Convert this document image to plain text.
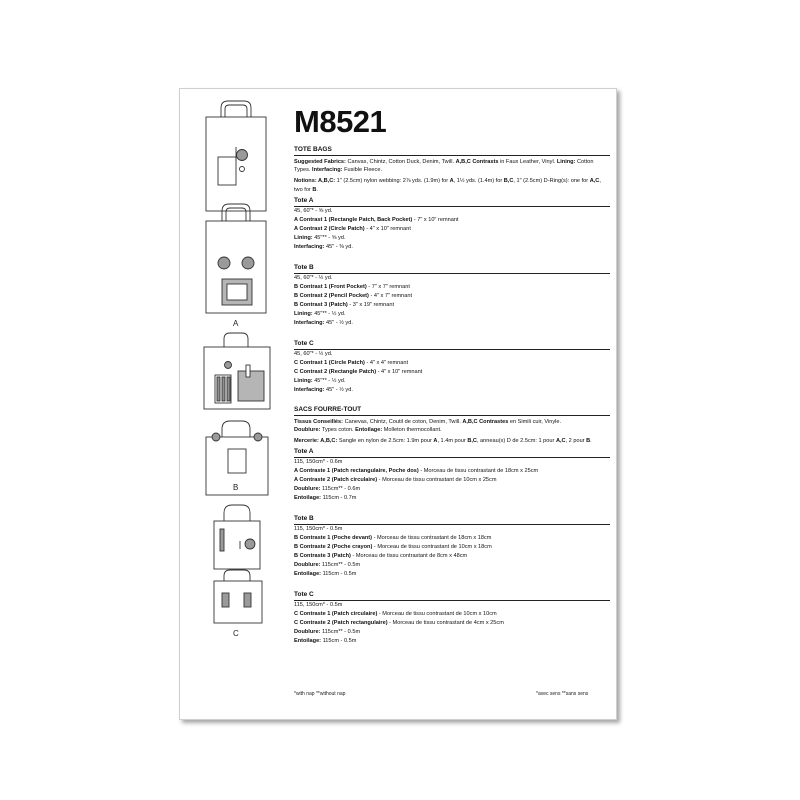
A
B
C
M8521
TOTE BAGS
Suggested Fabrics: Canvas, Chintz, Cotton Duck, Denim, Twill. A,B,C Contrasts in Faux Leather, Vinyl. Lining: Cotton Types. Interfacing: Fusible Fleece.
Notions: A,B,C: 1" (2.5cm) nylon webbing: 2⅞ yds. (1.9m) for A, 1½ yds. (1.4m) for B,C, 1" (2.5cm) D-Ring(s): one for A,C, two for B.
Tote A
45, 60"* - ⅝ yd.
A Contrast 1 (Rectangle Patch, Back Pocket) - 7" x 10" remnant
A Contrast 2 (Circle Patch) - 4" x 10" remnant
Lining: 45"** - ⅝ yd.
Interfacing: 45" - ⅜ yd.
Tote B
45, 60"* - ½ yd.
B Contrast 1 (Front Pocket) - 7" x 7" remnant
B Contrast 2 (Pencil Pocket) - 4" x 7" remnant
B Contrast 3 (Patch) - 3" x 19" remnant
Lining: 45"** - ½ yd.
Interfacing: 45" - ½ yd.
Tote C
45, 60"* - ½ yd.
C Contrast 1 (Circle Patch) - 4" x 4" remnant
C Contrast 2 (Rectangle Patch) - 4" x 10" remnant
Lining: 45"** - ½ yd.
Interfacing: 45" - ½ yd.
SACS FOURRE-TOUT
Tissus Conseillés: Canevas, Chintz, Coutil de coton, Denim, Twill. A,B,C Contrastes en Simili cuir, Vinyle.
Doublure: Types coton. Entoilage: Molleton thermocollant.
Mercerie: A,B,C: Sangle en nylon de 2.5cm: 1.9m pour A, 1.4m pour B,C, anneau(x) D de 2.5cm: 1 pour A,C, 2 pour B.
Tote A
115, 150cm* - 0.6m
A Contraste 1 (Patch rectangulaire, Poche dos) - Morceau de tissu contrastant de 18cm x 25cm
A Contraste 2 (Patch circulaire) - Morceau de tissu contrastant de 10cm x 25cm
Doublure: 115cm** - 0.6m
Entoilage: 115cm - 0.7m
Tote B
115, 150cm* - 0.5m
B Contraste 1 (Poche devant) - Morceau de tissu contrastant de 18cm x 18cm
B Contraste 2 (Poche crayon) - Morceau de tissu contrastant de 10cm x 18cm
B Contraste 3 (Patch) - Morceau de tissu contrastant de 8cm x 48cm
Doublure: 115cm** - 0.5m
Entoilage: 115cm - 0.5m
Tote C
115, 150cm* - 0.5m
C Contraste 1 (Patch circulaire) - Morceau de tissu contrastant de 10cm x 10cm
C Contraste 2 (Patch rectangulaire) - Morceau de tissu contrastant de 4cm x 25cm
Doublure: 115cm** - 0.5m
Entoilage: 115cm - 0.5m
*with nap **without nap	*avec sens **sans sens
